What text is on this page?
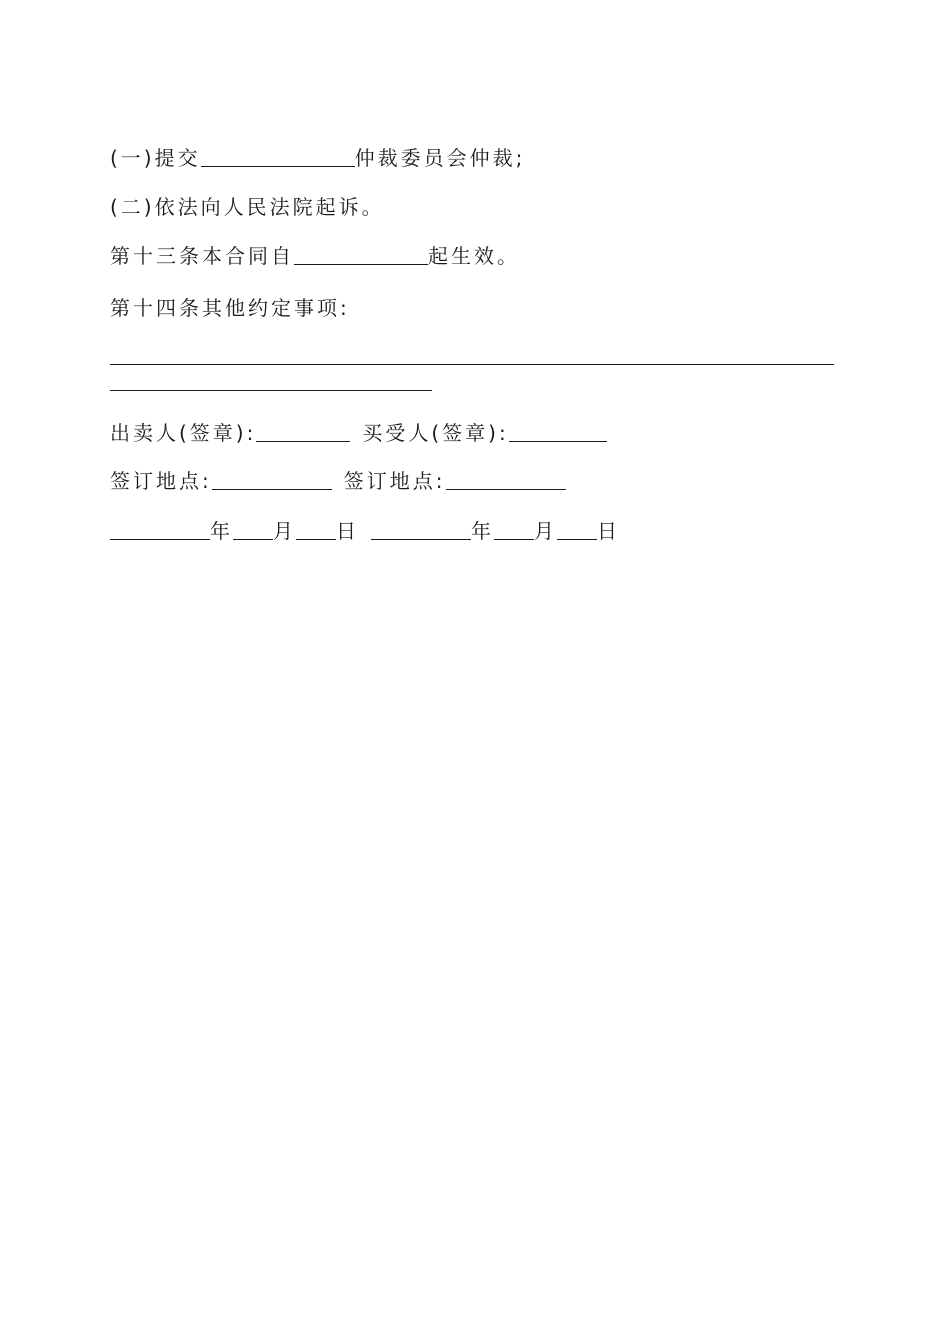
(一)提交	仲裁委员会仲裁;
(二)依法向人民法院起诉。
第十三条本合同自	起生效。
第十四条其他约定事项:
出卖人(签章):	买受人(签章):
签订地点:	签订地点:
年 月 日	年 月 日
